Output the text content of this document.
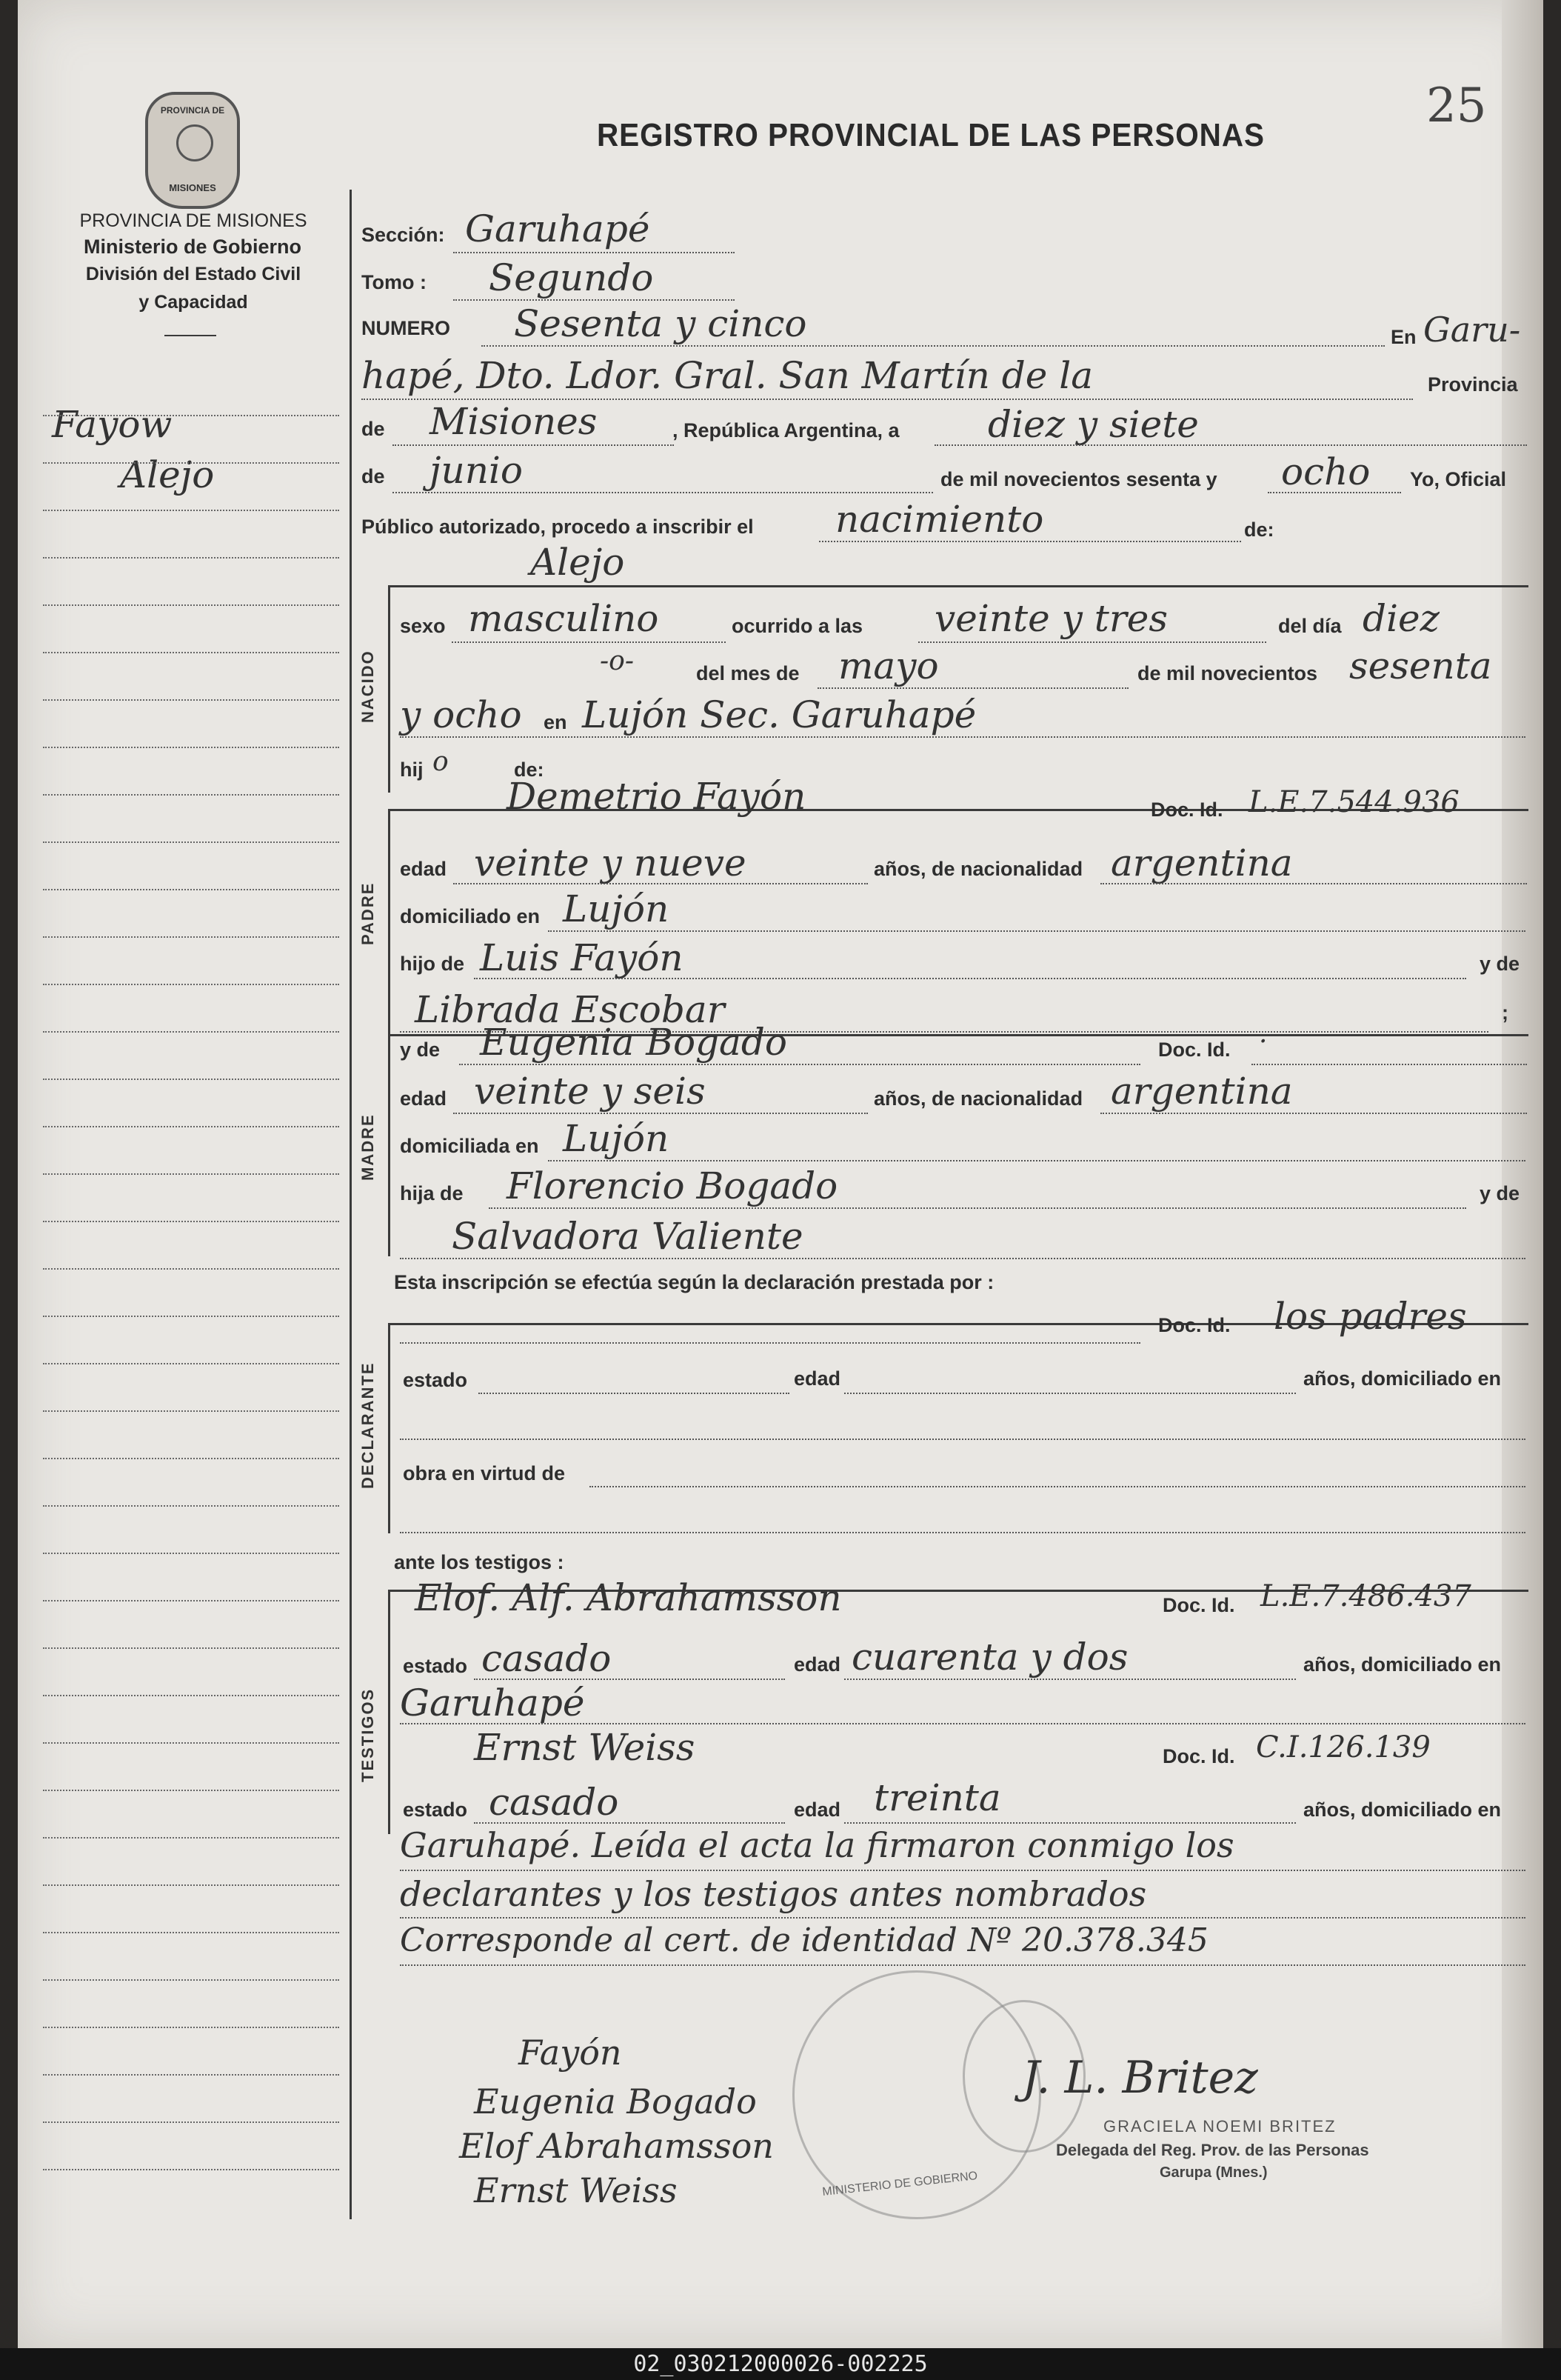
PROVINCIA DE
MISIONES
PROVINCIA DE MISIONES
Ministerio de Gobierno
División del Estado Civil
y Capacidad
REGISTRO PROVINCIAL DE LAS PERSONAS
25
Fayow
Alejo
Sección: Garuhapé
Tomo : Segundo
NUMERO Sesenta y cinco	En Garu-
hapé, Dto. Ldor. Gral. San Martín de la	Provincia
de Misiones	, República Argentina, a diez y siete
de junio	de mil novecientos sesenta y ocho Yo, Oficial
Público autorizado, procedo a inscribir el nacimiento	de:
NACIDO
Alejo
sexo masculino	ocurrido a las veinte y tres	del día diez
-o-	del mes de mayo	de mil novecientos sesenta
y ocho en Lujón Sec. Garuhapé
hij o	de:
PADRE
Demetrio Fayón	Doc. Id. L.E.7.544.936
edad veinte y nueve	años, de nacionalidad argentina
domiciliado en Lujón
hijo de Luis Fayón	y de
Librada Escobar	;
MADRE
y de Eugenia Bogado	Doc. Id. ·
edad veinte y seis	años, de nacionalidad argentina
domiciliada en Lujón
hija de Florencio Bogado	y de
Salvadora Valiente
Esta inscripción se efectúa según la declaración prestada por :
DECLARANTE
Doc. Id. los padres
estado	edad	años, domiciliado en
obra en virtud de
ante los testigos :
TESTIGOS
Elof. Alf. Abrahamsson	Doc. Id. L.E.7.486.437
estado casado	edad cuarenta y dos	años, domiciliado en
Garuhapé
Ernst Weiss	Doc. Id. C.I.126.139
estado casado	edad treinta	años, domiciliado en
Garuhapé. Leída el acta la firmaron conmigo los
declarantes y los testigos antes nombrados
Corresponde al cert. de identidad Nº 20.378.345
MINISTERIO DE GOBIERNO
Fayón
Eugenia Bogado
Elof Abrahamsson
Ernst Weiss
J. L. Britez
GRACIELA NOEMI BRITEZ
Delegada del Reg. Prov. de las Personas
Garupa (Mnes.)
02_030212000026-002225
